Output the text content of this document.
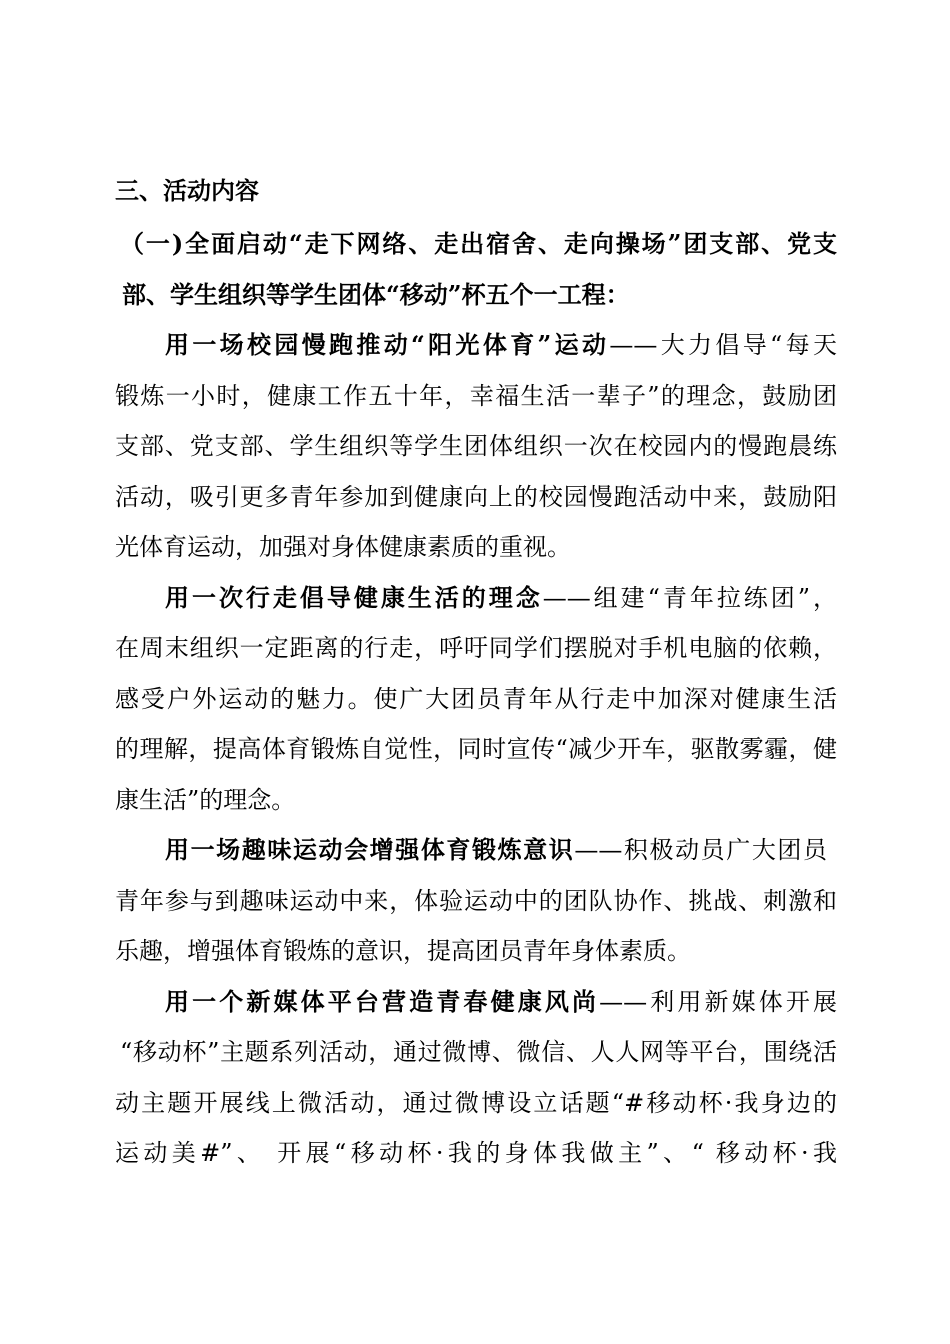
三、活动内容
（一)全面启动“走下网络、走出宿舍、走向操场”团支部、党支
部、学生组织等学生团体“移动”杯五个一工程：
用一场校园慢跑推动“阳光体育”运动——大力倡导“每天
锻炼一小时，健康工作五十年，幸福生活一辈子”的理念，鼓励团
支部、党支部、学生组织等学生团体组织一次在校园内的慢跑晨练
活动，吸引更多青年参加到健康向上的校园慢跑活动中来，鼓励阳
光体育运动，加强对身体健康素质的重视。
用一次行走倡导健康生活的理念——组建“青年拉练团”，
在周末组织一定距离的行走，呼吁同学们摆脱对手机电脑的依赖，
感受户外运动的魅力。使广大团员青年从行走中加深对健康生活
的理解，提高体育锻炼自觉性，同时宣传“减少开车，驱散雾霾，健
康生活”的理念。
用一场趣味运动会增强体育锻炼意识——积极动员广大团员
青年参与到趣味运动中来，体验运动中的团队协作、挑战、刺激和
乐趣，增强体育锻炼的意识，提高团员青年身体素质。
用一个新媒体平台营造青春健康风尚——利用新媒体开展
“移动杯”主题系列活动，通过微博、微信、人人网等平台，围绕活
动主题开展线上微活动，通过微博设立话题“#移动杯·我身边的
运动美#”、 开展“移动杯·我的身体我做主”、“ 移动杯·我
